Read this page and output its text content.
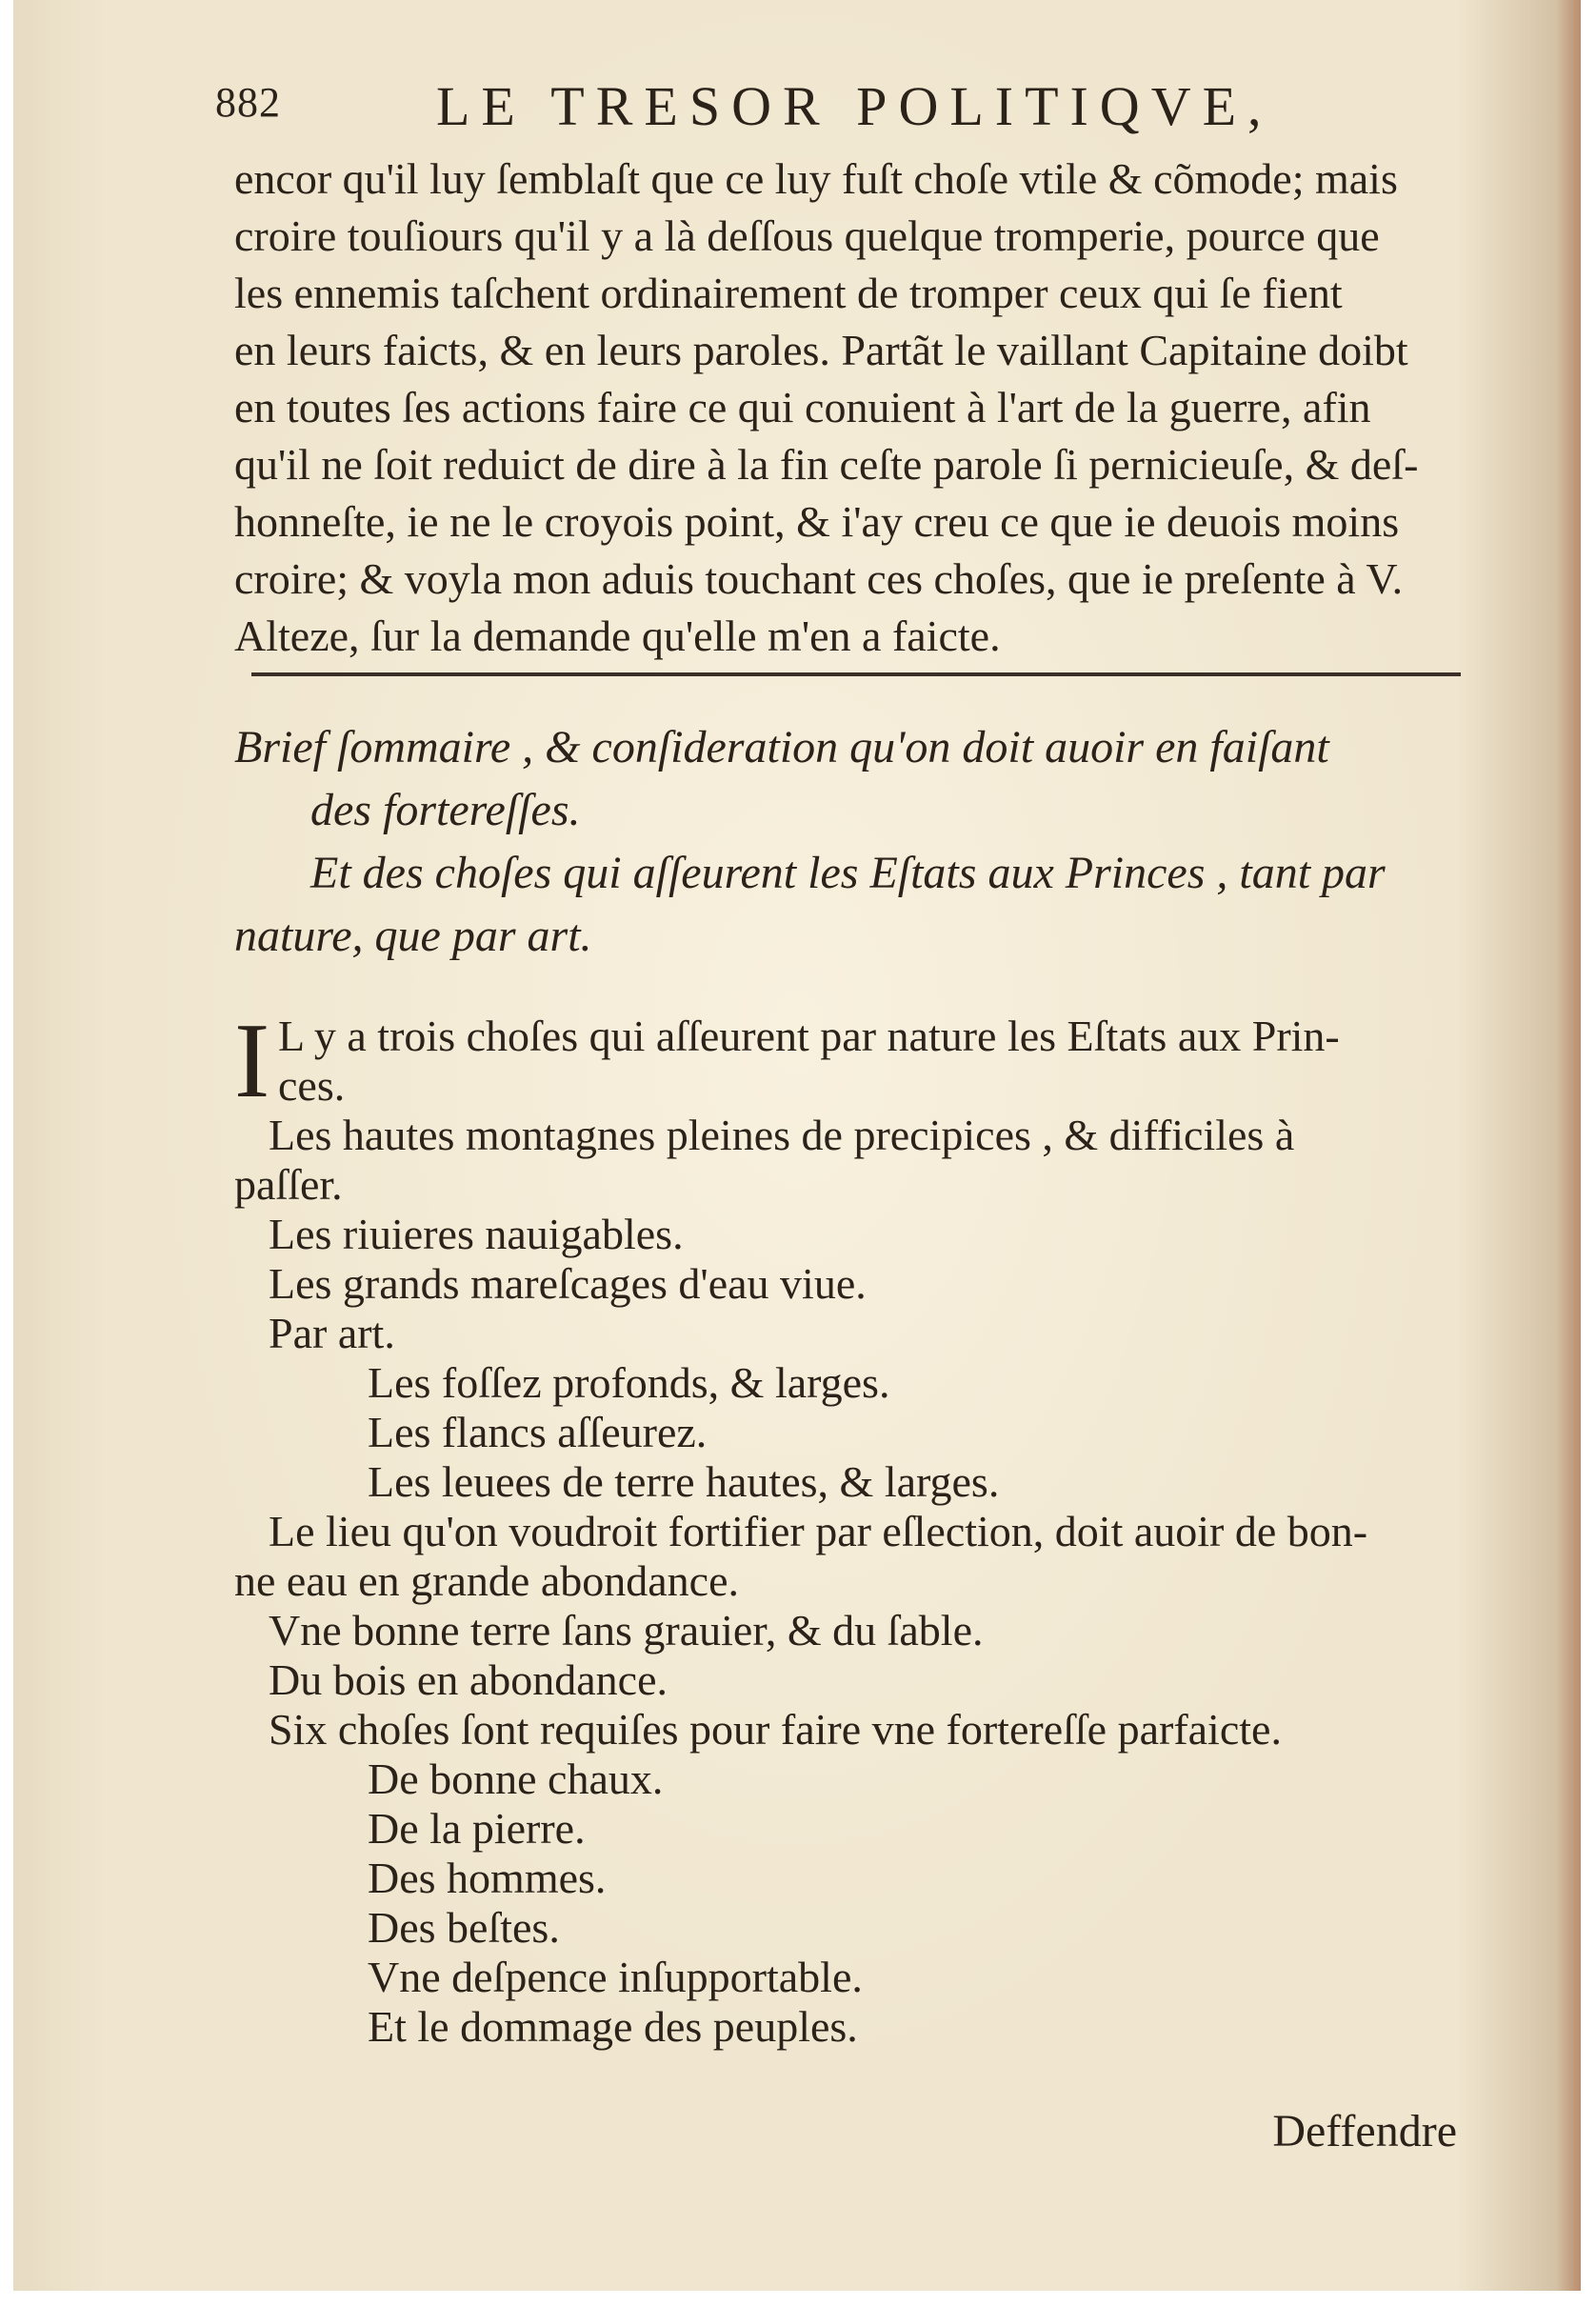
882	LE TRESOR POLITIQVE,
encor qu'il luy ſemblaſt que ce luy fuſt choſe vtile & cõmode; mais
croire touſiours qu'il y a là deſſous quelque tromperie, pource que
les ennemis taſchent ordinairement de tromper ceux qui ſe fient
en leurs faicts, & en leurs paroles. Partãt le vaillant Capitaine doibt
en toutes ſes actions faire ce qui conuient à l'art de la guerre, afin
qu'il ne ſoit reduict de dire à la fin ceſte parole ſi pernicieuſe, & deſ-
honneſte, ie ne le croyois point, & i'ay creu ce que ie deuois moins
croire; & voyla mon aduis touchant ces choſes, que ie preſente à V.
Alteze, ſur la demande qu'elle m'en a faicte.
Brief ſommaire , & conſideration qu'on doit auoir en faiſant
des fortereſſes.
Et des choſes qui aſſeurent les Eſtats aux Princes , tant par
nature, que par art.
I L y a trois choſes qui aſſeurent par nature les Eſtats aux Prin-
ces.
Les hautes montagnes pleines de precipices , & difficiles à
paſſer.
Les riuieres nauigables.
Les grands mareſcages d'eau viue.
Par art.
Les foſſez profonds, & larges.
Les flancs aſſeurez.
Les leuees de terre hautes, & larges.
Le lieu qu'on voudroit fortifier par eſlection, doit auoir de bon-
ne eau en grande abondance.
Vne bonne terre ſans grauier, & du ſable.
Du bois en abondance.
Six choſes ſont requiſes pour faire vne fortereſſe parfaicte.
De bonne chaux.
De la pierre.
Des hommes.
Des beſtes.
Vne deſpence inſupportable.
Et le dommage des peuples.
Deffendre
